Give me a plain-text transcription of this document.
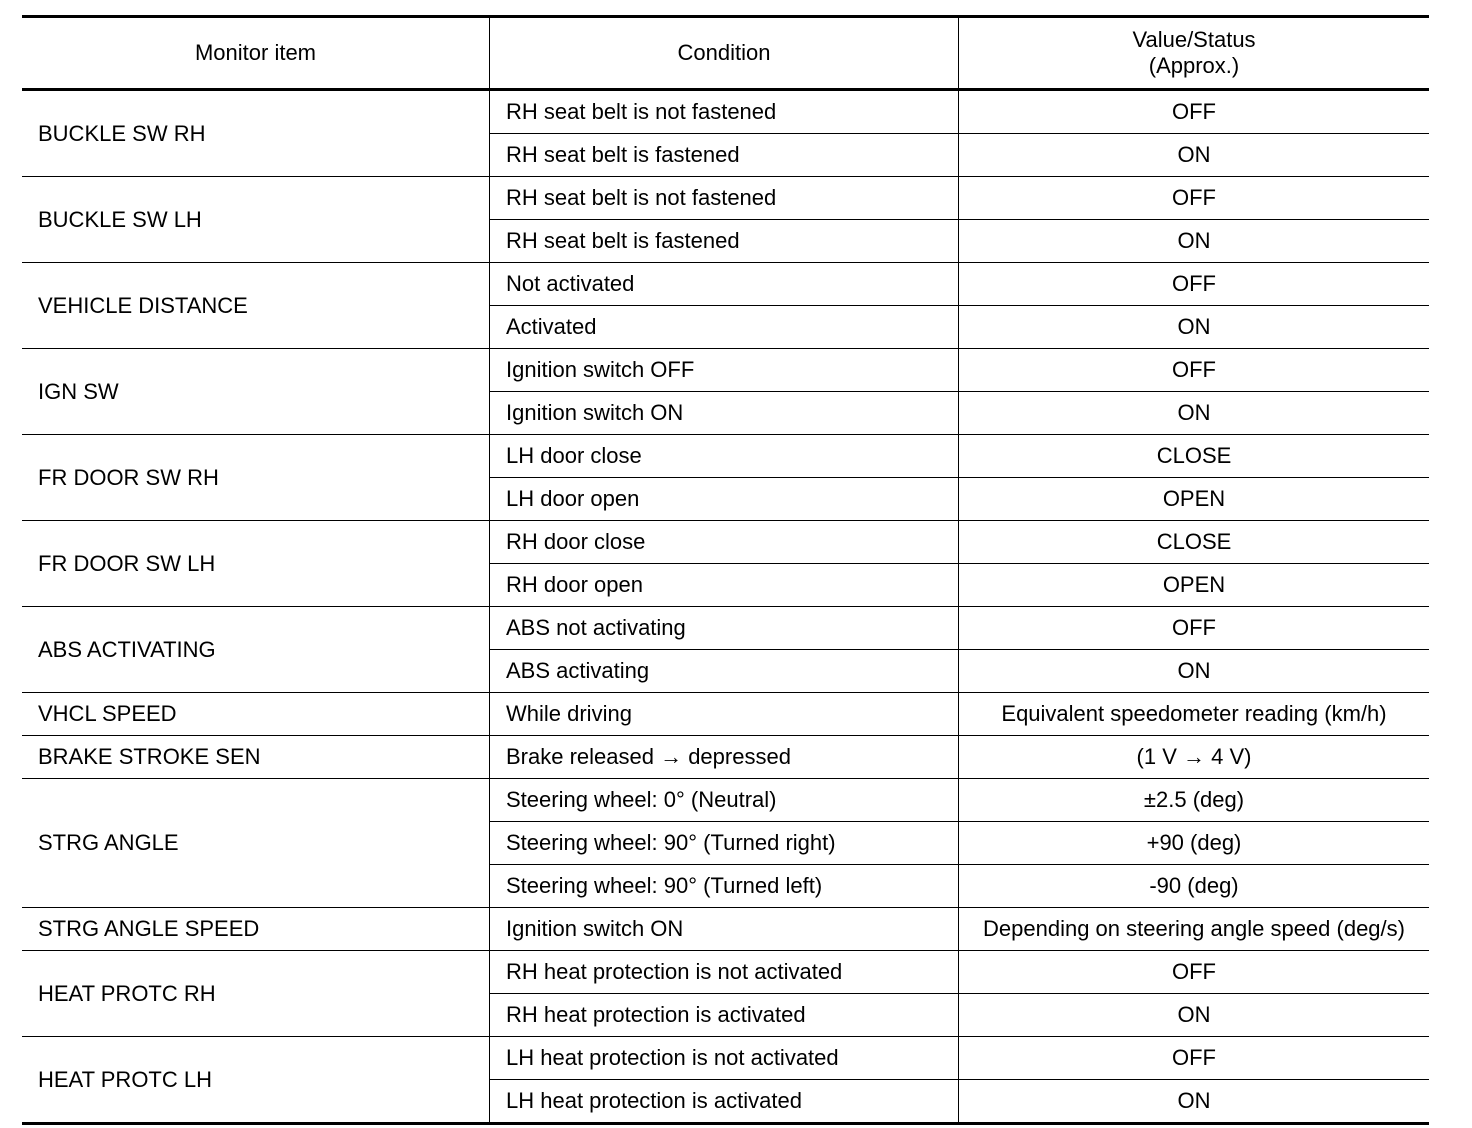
Monitor item	Condition	Value/Status
(Approx.)

BUCKLE SW RH	RH seat belt is not fastened	OFF
	RH seat belt is fastened	ON
BUCKLE SW LH	RH seat belt is not fastened	OFF
	RH seat belt is fastened	ON
VEHICLE DISTANCE	Not activated	OFF
	Activated	ON
IGN SW	Ignition switch OFF	OFF
	Ignition switch ON	ON
FR DOOR SW RH	LH door close	CLOSE
	LH door open	OPEN
FR DOOR SW LH	RH door close	CLOSE
	RH door open	OPEN
ABS ACTIVATING	ABS not activating	OFF
	ABS activating	ON
VHCL SPEED	While driving	Equivalent speedometer reading (km/h)
BRAKE STROKE SEN	Brake released → depressed	(1 V → 4 V)
STRG ANGLE	Steering wheel: 0° (Neutral)	±2.5 (deg)
	Steering wheel: 90° (Turned right)	+90 (deg)
	Steering wheel: 90° (Turned left)	-90 (deg)
STRG ANGLE SPEED	Ignition switch ON	Depending on steering angle speed (deg/s)
HEAT PROTC RH	RH heat protection is not activated	OFF
	RH heat protection is activated	ON
HEAT PROTC LH	LH heat protection is not activated	OFF
	LH heat protection is activated	ON
